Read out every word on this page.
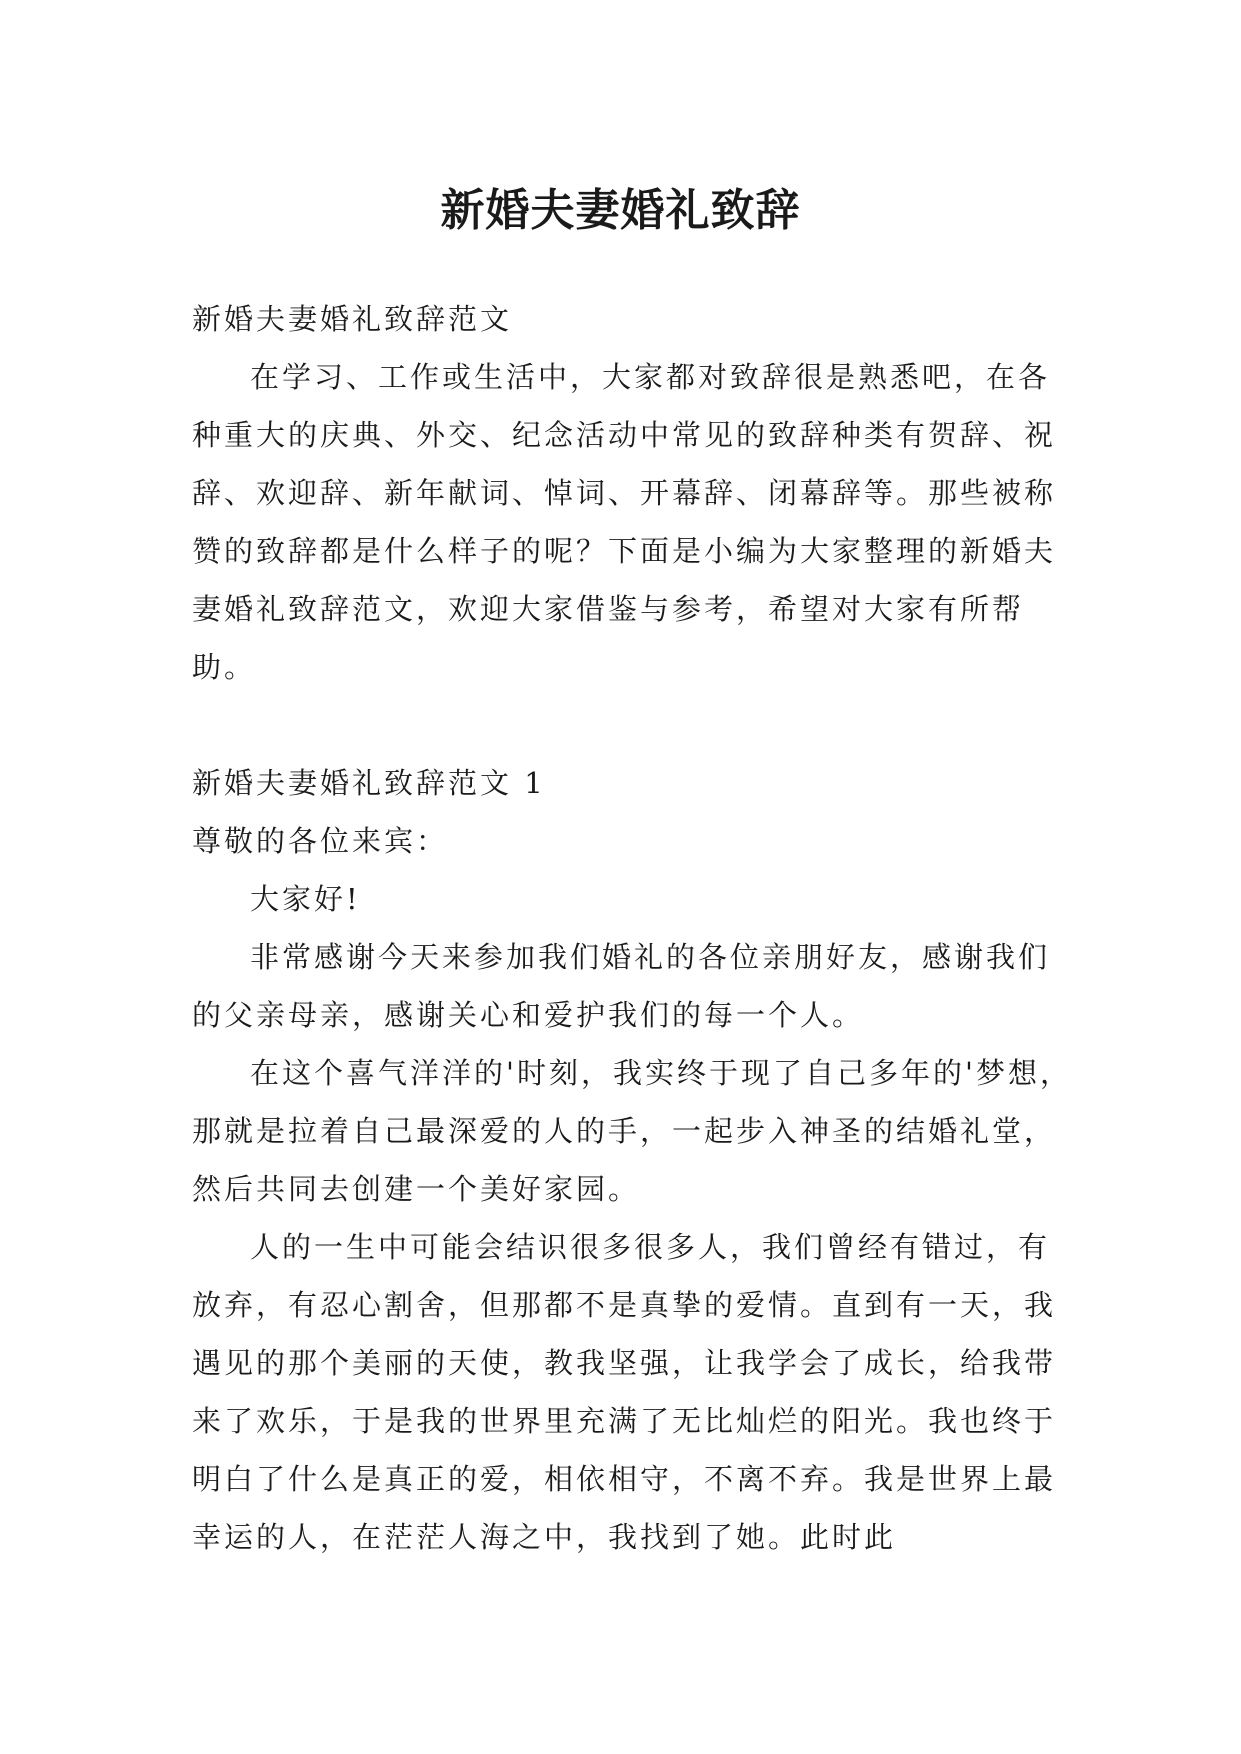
新婚夫妻婚礼致辞

新婚夫妻婚礼致辞范文

在学习、工作或生活中，大家都对致辞很是熟悉吧，在各种重大的庆典、外交、纪念活动中常见的致辞种类有贺辞、祝辞、欢迎辞、新年献词、悼词、开幕辞、闭幕辞等。那些被称赞的致辞都是什么样子的呢？下面是小编为大家整理的新婚夫妻婚礼致辞范文，欢迎大家借鉴与参考，希望对大家有所帮助。

新婚夫妻婚礼致辞范文 1

尊敬的各位来宾：

大家好!

非常感谢今天来参加我们婚礼的各位亲朋好友，感谢我们的父亲母亲，感谢关心和爱护我们的每一个人。

在这个喜气洋洋的'时刻，我实终于现了自己多年的'梦想，那就是拉着自己最深爱的人的手，一起步入神圣的结婚礼堂，然后共同去创建一个美好家园。

人的一生中可能会结识很多很多人，我们曾经有错过，有放弃，有忍心割舍，但那都不是真挚的爱情。直到有一天，我遇见的那个美丽的天使，教我坚强，让我学会了成长，给我带来了欢乐，于是我的世界里充满了无比灿烂的阳光。我也终于明白了什么是真正的爱，相依相守，不离不弃。我是世界上最幸运的人，在茫茫人海之中，我找到了她。此时此
